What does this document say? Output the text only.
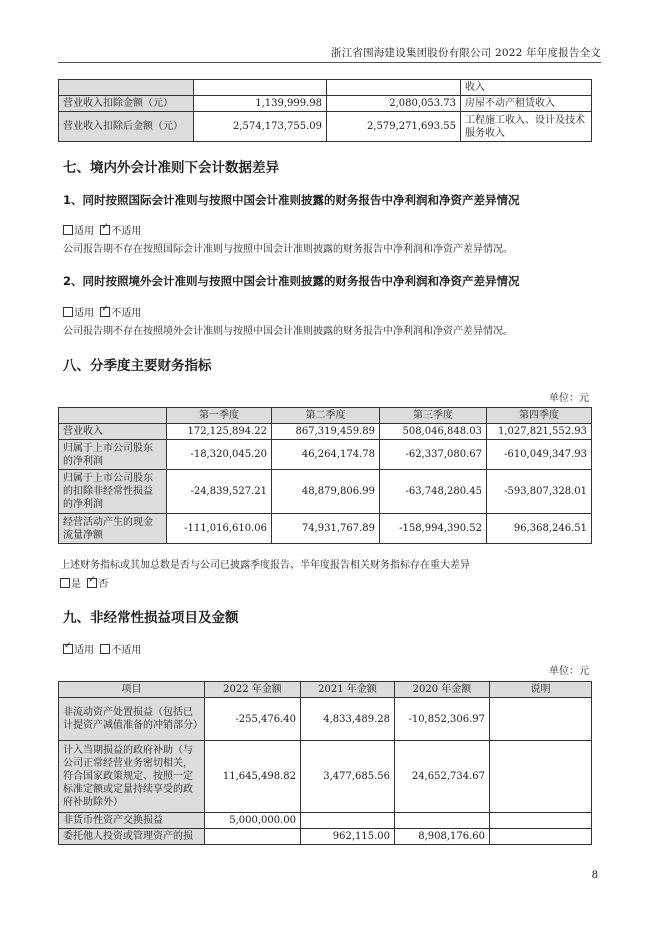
浙江省围海建设集团股份有限公司 2022 年年度报告全文
			收入
营业收入扣除金额（元）	1,139,999.98	2,080,053.73	房屋不动产租赁收入
营业收入扣除后金额（元）	2,574,173,755.09	2,579,271,693.55	工程施工收入、设计及技术服务收入
七、境内外会计准则下会计数据差异
1、同时按照国际会计准则与按照中国会计准则披露的财务报告中净利润和净资产差异情况
适用 ✓ 不适用
公司报告期不存在按照国际会计准则与按照中国会计准则披露的财务报告中净利润和净资产差异情况。
2、同时按照境外会计准则与按照中国会计准则披露的财务报告中净利润和净资产差异情况
适用 ✓ 不适用
公司报告期不存在按照境外会计准则与按照中国会计准则披露的财务报告中净利润和净资产差异情况。
八、分季度主要财务指标
单位：元
	第一季度	第二季度	第三季度	第四季度
营业收入	172,125,894.22	867,319,459.89	508,046,848.03	1,027,821,552.93
归属于上市公司股东的净利润	-18,320,045.20	46,264,174.78	-62,337,080.67	-610,049,347.93
归属于上市公司股东的扣除非经常性损益的净利润	-24,839,527.21	48,879,806.99	-63,748,280.45	-593,807,328.01
经营活动产生的现金流量净额	-111,016,610.06	74,931,767.89	-158,994,390.52	96,368,246.51
上述财务指标或其加总数是否与公司已披露季度报告、半年度报告相关财务指标存在重大差异
是 ✓ 否
九、非经常性损益项目及金额
✓适用 不适用
单位：元
项目	2022 年金额	2021 年金额	2020 年金额	说明
非流动资产处置损益（包括已计提资产减值准备的冲销部分）	-255,476.40	4,833,489.28	-10,852,306.97	
计入当期损益的政府补助（与公司正常经营业务密切相关，符合国家政策规定、按照一定标准定额或定量持续享受的政府补助除外）	11,645,498.82	3,477,685.56	24,652,734.67	
非货币性资产交换损益	5,000,000.00			
委托他人投资或管理资产的损		962,115.00	8,908,176.60	
8
